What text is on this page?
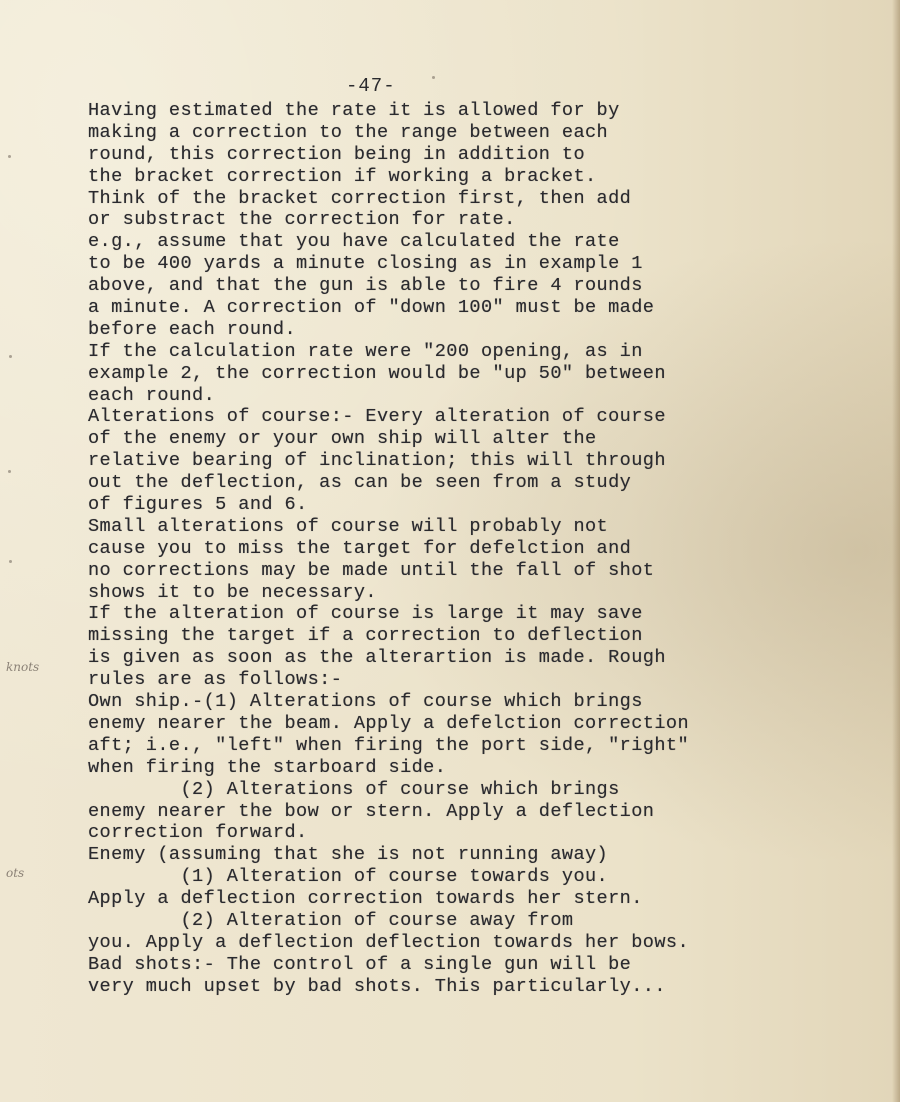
-47-
Having estimated the rate it is allowed for by
making a correction to the range between each
round, this correction being in addition to
the bracket correction if working a bracket.
Think of the bracket correction first, then add
or substract the correction for rate.
e.g., assume that you have calculated the rate
to be 400 yards a minute closing as in example 1
above, and that the gun is able to fire 4 rounds
a minute. A correction of "down 100" must be made
before each round.
If the calculation rate were "200 opening, as in
example 2, the correction would be "up 50" between
each round.
Alterations of course:- Every alteration of course
of the enemy or your own ship will alter the
relative bearing of inclination; this will through
out the deflection, as can be seen from a study
of figures 5 and 6.
Small alterations of course will probably not
cause you to miss the target for defelction and
no corrections may be made until the fall of shot
shows it to be necessary.
If the alteration of course is large it may save
missing the target if a correction to deflection
is given as soon as the alterartion is made. Rough
rules are as follows:-
Own ship.-(1) Alterations of course which brings
enemy nearer the beam. Apply a defelction correction
aft; i.e., "left" when firing the port side, "right"
when firing the starboard side.
(2) Alterations of course which brings
enemy nearer the bow or stern. Apply a deflection
correction forward.
Enemy (assuming that she is not running away)
(1) Alteration of course towards you.
Apply a deflection correction towards her stern.
(2) Alteration of course away from
you. Apply a deflection deflection towards her bows.
Bad shots:- The control of a single gun will be
very much upset by bad shots. This particularly...
knots
ots
